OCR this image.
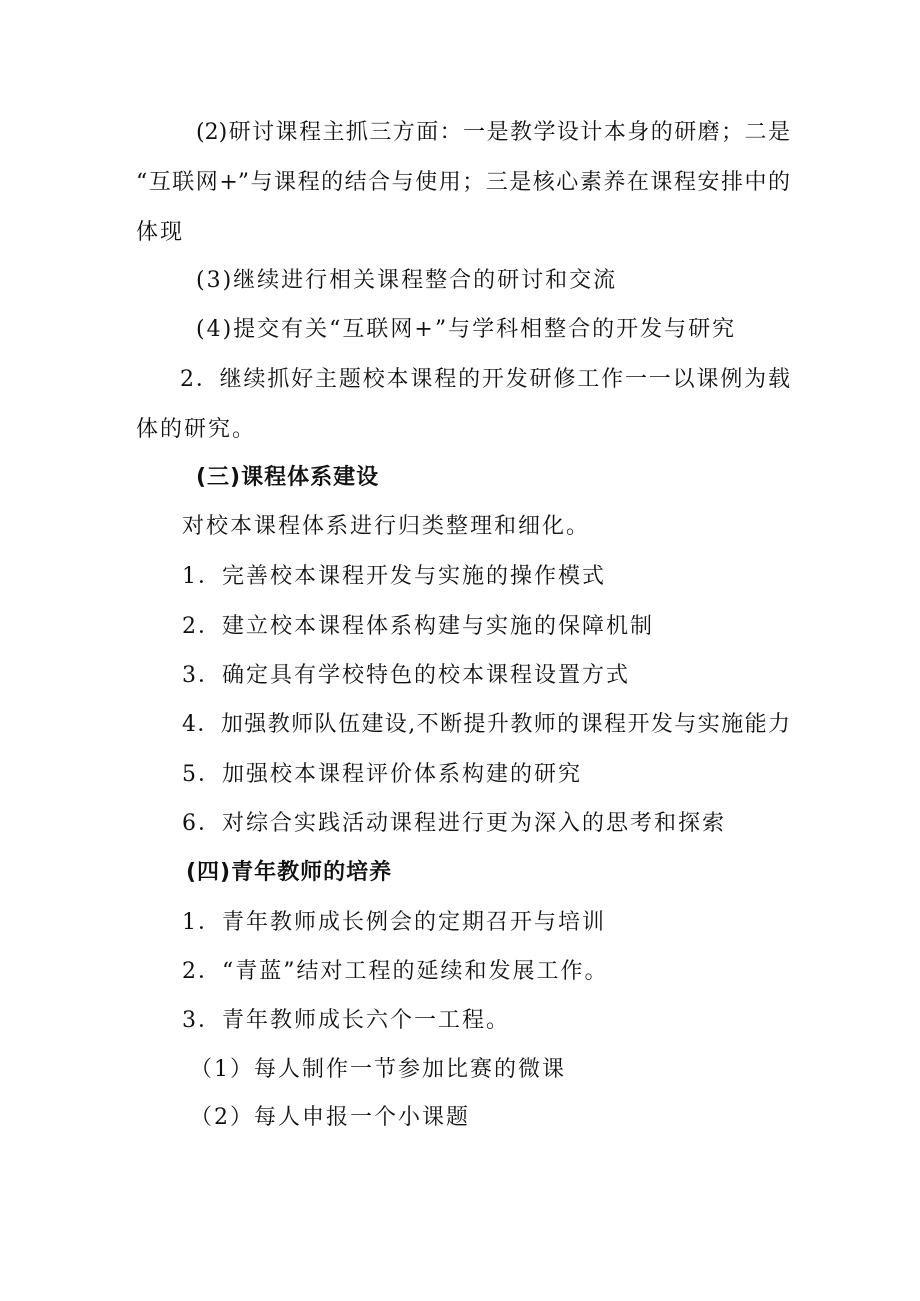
(2)研讨课程主抓三方面：一是教学设计本身的研磨；二是
“互联网+”与课程的结合与使用；三是核心素养在课程安排中的
体现
(3)继续进行相关课程整合的研讨和交流
(4)提交有关“互联网+”与学科相整合的开发与研究
2．继续抓好主题校本课程的开发研修工作一一以课例为载
体的研究。
(三)课程体系建设
对校本课程体系进行归类整理和细化。
1．完善校本课程开发与实施的操作模式
2．建立校本课程体系构建与实施的保障机制
3．确定具有学校特色的校本课程设置方式
4．加强教师队伍建设,不断提升教师的课程开发与实施能力
5．加强校本课程评价体系构建的研究
6．对综合实践活动课程进行更为深入的思考和探索
(四)青年教师的培养
1．青年教师成长例会的定期召开与培训
2．“青蓝”结对工程的延续和发展工作。
3．青年教师成长六个一工程。
（1）每人制作一节参加比赛的微课
（2）每人申报一个小课题
